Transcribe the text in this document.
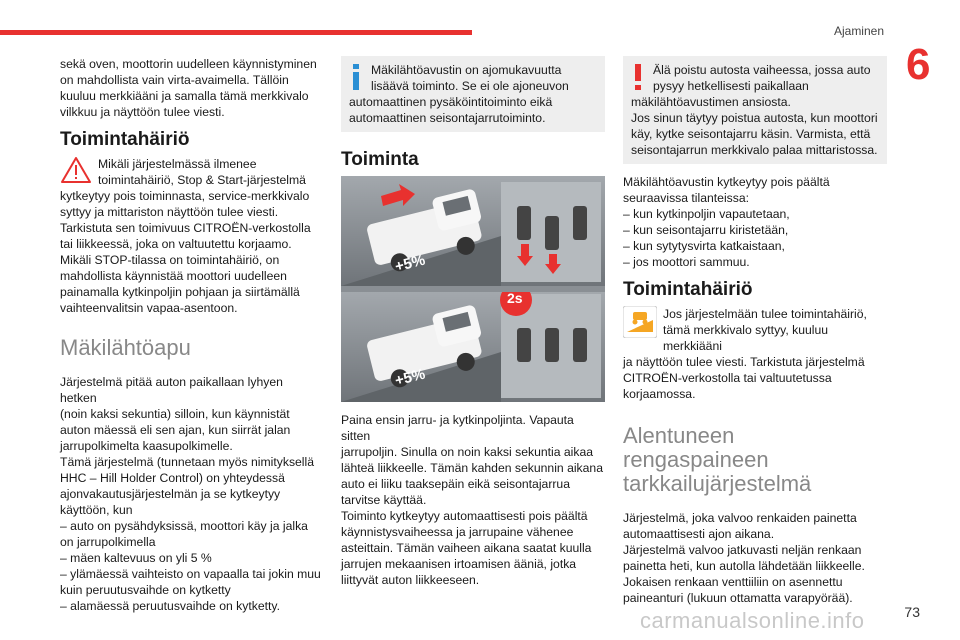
Ajaminen
6

sekä oven, moottorin uudelleen käynnistyminen
on mahdollista vain virta-avaimella. Tällöin
kuuluu merkkiääni ja samalla tämä merkkivalo
vilkkuu ja näyttöön tulee viesti.

Toimintahäiriö

Mikäli järjestelmässä ilmenee
toimintahäiriö, Stop & Start-järjestelmä
kytkeytyy pois toiminnasta, service-merkkivalo
syttyy ja mittariston näyttöön tulee viesti.
Tarkistuta sen toimivuus CITROËN-verkostolla
tai liikkeessä, joka on valtuutettu korjaamo.
Mikäli STOP-tilassa on toimintahäiriö, on
mahdollista käynnistää moottori uudelleen
painamalla kytkinpoljin pohjaan ja siirtämällä
vaihteenvalitsin vapaa-asentoon.

Mäkilähtöapu

Järjestelmä pitää auton paikallaan lyhyen hetken
(noin kaksi sekuntia) silloin, kun käynnistät
auton mäessä eli sen ajan, kun siirrät jalan
jarrupolkimelta kaasupolkimelle.
Tämä järjestelmä (tunnetaan myös nimityksellä
HHC – Hill Holder Control) on yhteydessä
ajonvakautusjärjestelmän ja se kytkeytyy
käyttöön, kun
– auto on pysähdyksissä, moottori käy ja jalka
on jarrupolkimella
– mäen kaltevuus on yli 5 %
– ylämäessä vaihteisto on vapaalla tai jokin muu
kuin peruutusvaihde on kytketty
– alamäessä peruutusvaihde on kytketty.

Mäkilähtöavustin on ajomukavuutta
lisäävä toiminto. Se ei ole ajoneuvon
automaattinen pysäköintitoiminto eikä
automaattinen seisontajarrutoiminto.
Toiminta
+5%
2s
+5%

Paina ensin jarru- ja kytkinpoljinta. Vapauta sitten
jarrupoljin. Sinulla on noin kaksi sekuntia aikaa
lähteä liikkeelle. Tämän kahden sekunnin aikana
auto ei liiku taaksepäin eikä seisontajarrua
tarvitse käyttää.
Toiminto kytkeytyy automaattisesti pois päältä
käynnistysvaiheessa ja jarrupaine vähenee
asteittain. Tämän vaiheen aikana saatat kuulla
jarrujen mekaanisen irtoamisen ääniä, jotka
liittyvät auton liikkeeseen.

Älä poistu autosta vaiheessa, jossa auto
pysyy hetkellisesti paikallaan
mäkilähtöavustimen ansiosta.
Jos sinun täytyy poistua autosta, kun moottori
käy, kytke seisontajarru käsin. Varmista, että
seisontajarrun merkkivalo palaa mittaristossa.

Mäkilähtöavustin kytkeytyy pois päältä
seuraavissa tilanteissa:
– kun kytkinpoljin vapautetaan,
– kun seisontajarru kiristetään,
– kun sytytysvirta katkaistaan,
– jos moottori sammuu.

Toimintahäiriö

Jos järjestelmään tulee toimintahäiriö,
tämä merkkivalo syttyy, kuuluu merkkiääni
ja näyttöön tulee viesti. Tarkistuta järjestelmä
CITROËN-verkostolla tai valtuutetussa
korjaamossa.

Alentuneen
rengaspaineen
tarkkailujärjestelmä

Järjestelmä, joka valvoo renkaiden painetta
automaattisesti ajon aikana.
Järjestelmä valvoo jatkuvasti neljän renkaan
painetta heti, kun autolla lähdetään liikkeelle.
Jokaisen renkaan venttiiliin on asennettu
paineanturi (lukuun ottamatta varapyörää).

carmanualsonline.info	73
